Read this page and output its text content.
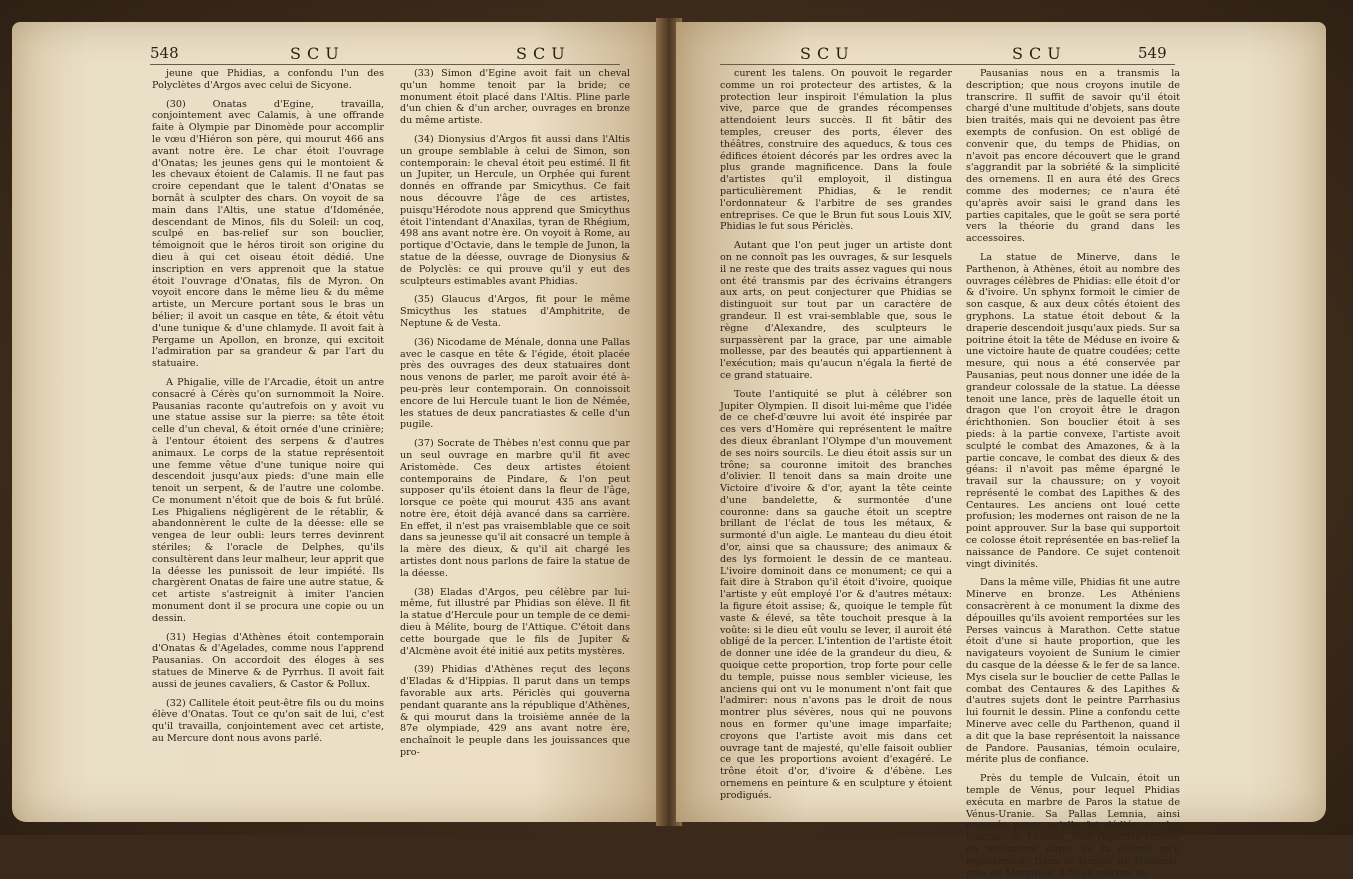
548	SCU	SCU

jeune que Phidias, a confondu l'un des Polyclètes d'Argos avec celui de Sicyone.

(30) Onatas d'Egine, travailla, conjointement avec Calamis, à une offrande faite à Olympie par Dinomède pour accomplir le vœu d'Hiéron son père, qui mourut 466 ans avant notre ère. Le char étoit l'ouvrage d'Onatas; les jeunes gens qui le montoient & les chevaux étoient de Calamis. Il ne faut pas croire cependant que le talent d'Onatas se bornât à sculpter des chars. On voyoit de sa main dans l'Altis, une statue d'Idoménée, descendant de Minos, fils du Soleil: un coq, sculpé en bas-relief sur son bouclier, témoignoit que le héros tiroit son origine du dieu à qui cet oiseau étoit dédié. Une inscription en vers apprenoit que la statue étoit l'ouvrage d'Onatas, fils de Myron. On voyoit encore dans le même lieu & du même artiste, un Mercure portant sous le bras un bélier; il avoit un casque en tête, & étoit vêtu d'une tunique & d'une chlamyde. Il avoit fait à Pergame un Apollon, en bronze, qui excitoit l'admiration par sa grandeur & par l'art du statuaire.

A Phigalie, ville de l'Arcadie, étoit un antre consacré à Cérès qu'on surnommoit la Noire. Pausanias raconte qu'autrefois on y avoit vu une statue assise sur la pierre: sa tête étoit celle d'un cheval, & étoit ornée d'une crinière; à l'entour étoient des serpens & d'autres animaux. Le corps de la statue représentoit une femme vêtue d'une tunique noire qui descendoit jusqu'aux pieds: d'une main elle tenoit un serpent, & de l'autre une colombe. Ce monument n'étoit que de bois & fut brûlé. Les Phigaliens négligèrent de le rétablir, & abandonnèrent le culte de la déesse: elle se vengea de leur oubli: leurs terres devinrent stériles; & l'oracle de Delphes, qu'ils consultèrent dans leur malheur, leur apprit que la déesse les punissoit de leur impiété. Ils chargèrent Onatas de faire une autre statue, & cet artiste s'astreignit à imiter l'ancien monument dont il se procura une copie ou un dessin.

(31) Hegias d'Athènes étoit contemporain d'Onatas & d'Agelades, comme nous l'apprend Pausanias. On accordoit des éloges à ses statues de Minerve & de Pyrrhus. Il avoit fait aussi de jeunes cavaliers, & Castor & Pollux.

(32) Callitele étoit peut-être fils ou du moins élève d'Onatas. Tout ce qu'on sait de lui, c'est qu'il travailla, conjointement avec cet artiste, au Mercure dont nous avons parlé.

(33) Simon d'Egine avoit fait un cheval qu'un homme tenoit par la bride; ce monument étoit placé dans l'Altis. Pline parle d'un chien & d'un archer, ouvrages en bronze du même artiste.

(34) Dionysius d'Argos fit aussi dans l'Altis un groupe semblable à celui de Simon, son contemporain: le cheval étoit peu estimé. Il fit un Jupiter, un Hercule, un Orphée qui furent donnés en offrande par Smicythus. Ce fait nous découvre l'âge de ces artistes, puisqu'Hérodote nous apprend que Smicythus étoit l'intendant d'Anaxilas, tyran de Rhégium, 498 ans avant notre ère. On voyoit à Rome, au portique d'Octavie, dans le temple de Junon, la statue de la déesse, ouvrage de Dionysius & de Polyclès: ce qui prouve qu'il y eut des sculpteurs estimables avant Phidias.

(35) Glaucus d'Argos, fit pour le même Smicythus les statues d'Amphitrite, de Neptune & de Vesta.

(36) Nicodame de Ménale, donna une Pallas avec le casque en tête & l'égide, étoit placée près des ouvrages des deux statuaires dont nous venons de parler, me paroît avoir été à-peu-près leur contemporain. On connoissoit encore de lui Hercule tuant le lion de Némée, les statues de deux pancratiastes & celle d'un pugile.

(37) Socrate de Thèbes n'est connu que par un seul ouvrage en marbre qu'il fit avec Aristomède. Ces deux artistes étoient contemporains de Pindare, & l'on peut supposer qu'ils étoient dans la fleur de l'âge, lorsque ce poète qui mourut 435 ans avant notre ère, étoit déjà avancé dans sa carrière. En effet, il n'est pas vraisemblable que ce soit dans sa jeunesse qu'il ait consacré un temple à la mère des dieux, & qu'il ait chargé les artistes dont nous parlons de faire la statue de la déesse.

(38) Eladas d'Argos, peu célèbre par lui-même, fut illustré par Phidias son élève. Il fit la statue d'Hercule pour un temple de ce demi-dieu à Mélite, bourg de l'Attique. C'étoit dans cette bourgade que le fils de Jupiter & d'Alcmène avoit été initié aux petits mystères.

(39) Phidias d'Athènes reçut des leçons d'Eladas & d'Hippias. Il parut dans un temps favorable aux arts. Périclès qui gouverna pendant quarante ans la république d'Athènes, & qui mourut dans la troisième année de la 87e olympiade, 429 ans avant notre ère, enchaînoit le peuple dans les jouissances que pro-

SCU	SCU	549

curent les talens. On pouvoit le regarder comme un roi protecteur des artistes, & la protection leur inspiroit l'émulation la plus vive, parce que de grandes récompenses attendoient leurs succès. Il fit bâtir des temples, creuser des ports, élever des théâtres, construire des aqueducs, & tous ces édifices étoient décorés par les ordres avec la plus grande magnificence. Dans la foule d'artistes qu'il employoit, il distingua particulièrement Phidias, & le rendit l'ordonnateur & l'arbitre de ses grandes entreprises. Ce que le Brun fut sous Louis XIV, Phidias le fut sous Périclès.

Autant que l'on peut juger un artiste dont on ne connoît pas les ouvrages, & sur lesquels il ne reste que des traits assez vagues qui nous ont été transmis par des écrivains étrangers aux arts, on peut conjecturer que Phidias se distinguoit sur tout par un caractère de grandeur. Il est vrai-semblable que, sous le règne d'Alexandre, des sculpteurs le surpassèrent par la grace, par une aimable mollesse, par des beautés qui appartiennent à l'exécution; mais qu'aucun n'égala la fierté de ce grand statuaire.

Toute l'antiquité se plut à célébrer son Jupiter Olympien. Il disoit lui-même que l'idée de ce chef-d'œuvre lui avoit été inspirée par ces vers d'Homère qui représentent le maître des dieux ébranlant l'Olympe d'un mouvement de ses noirs sourcils. Le dieu étoit assis sur un trône; sa couronne imitoit des branches d'olivier. Il tenoit dans sa main droite une Victoire d'ivoire & d'or, ayant la tête ceinte d'une bandelette, & surmontée d'une couronne: dans sa gauche étoit un sceptre brillant de l'éclat de tous les métaux, & surmonté d'un aigle. Le manteau du dieu étoit d'or, ainsi que sa chaussure; des animaux & des lys formoient le dessin de ce manteau. L'ivoire dominoit dans ce monument; ce qui a fait dire à Strabon qu'il étoit d'ivoire, quoique l'artiste y eût employé l'or & d'autres métaux: la figure étoit assise; &, quoique le temple fût vaste & élevé, sa tête touchoit presque à la voûte: si le dieu eût voulu se lever, il auroit été obligé de la percer. L'intention de l'artiste étoit de donner une idée de la grandeur du dieu, & quoique cette proportion, trop forte pour celle du temple, puisse nous sembler vicieuse, les anciens qui ont vu le monument n'ont fait que l'admirer: nous n'avons pas le droit de nous montrer plus sévères, nous qui ne pouvons nous en former qu'une image imparfaite; croyons que l'artiste avoit mis dans cet ouvrage tant de majesté, qu'elle faisoit oublier ce que les proportions avoient d'exagéré. Le trône étoit d'or, d'ivoire & d'ébène. Les ornemens en peinture & en sculpture y étoient prodigués.

Pausanias nous en a transmis la description; que nous croyons inutile de transcrire. Il suffit de savoir qu'il étoit chargé d'une multitude d'objets, sans doute bien traités, mais qui ne devoient pas être exempts de confusion. On est obligé de convenir que, du temps de Phidias, on n'avoit pas encore découvert que le grand s'aggrandit par la sobriété & la simplicité des ornemens. Il en aura été des Grecs comme des modernes; ce n'aura été qu'après avoir saisi le grand dans les parties capitales, que le goût se sera porté vers la théorie du grand dans les accessoires.

La statue de Minerve, dans le Parthenon, à Athènes, étoit au nombre des ouvrages célèbres de Phidias: elle étoit d'or & d'ivoire. Un sphynx formoit le cimier de son casque, & aux deux côtés étoient des gryphons. La statue étoit debout & la draperie descendoit jusqu'aux pieds. Sur sa poitrine étoit la tête de Méduse en ivoire & une victoire haute de quatre coudées; cette mesure, qui nous a été conservée par Pausanias, peut nous donner une idée de la grandeur colossale de la statue. La déesse tenoit une lance, près de laquelle étoit un dragon que l'on croyoit être le dragon érichthonien. Son bouclier étoit à ses pieds: à la partie convexe, l'artiste avoit sculpté le combat des Amazones, & à la partie concave, le combat des dieux & des géans: il n'avoit pas même épargné le travail sur la chaussure; on y voyoit représenté le combat des Lapithes & des Centaures. Les anciens ont loué cette profusion; les modernes ont raison de ne la point approuver. Sur la base qui supportoit ce colosse étoit représentée en bas-relief la naissance de Pandore. Ce sujet contenoit vingt divinités.

Dans la même ville, Phidias fit une autre Minerve en bronze. Les Athéniens consacrèrent à ce monument la dixme des dépouilles qu'ils avoient remportées sur les Perses vaincus à Marathon. Cette statue étoit d'une si haute proportion, que les navigateurs voyoient de Sunium le cimier du casque de la déesse & le fer de sa lance. Mys cisela sur le bouclier de cette Pallas le combat des Centaures & des Lapithes & d'autres sujets dont le peintre Parrhasius lui fournit le dessin. Pline a confondu cette Minerve avec celle du Parthenon, quand il a dit que la base représentoit la naissance de Pandore. Pausanias, témoin oculaire, mérite plus de confiance.

Près du temple de Vulcain, étoit un temple de Vénus, pour lequel Phidias exécuta en marbre de Paros la statue de Vénus-Uranie. Sa Pallas Lemnia, ainsi nommée parce qu'elle fut dédiée par les habitans de Lemnos, étoit regardée comme un monument digne de la déesse qu'il représentoit. Dans le temple de Némésis, près de Marathon, il fit en marbre de
